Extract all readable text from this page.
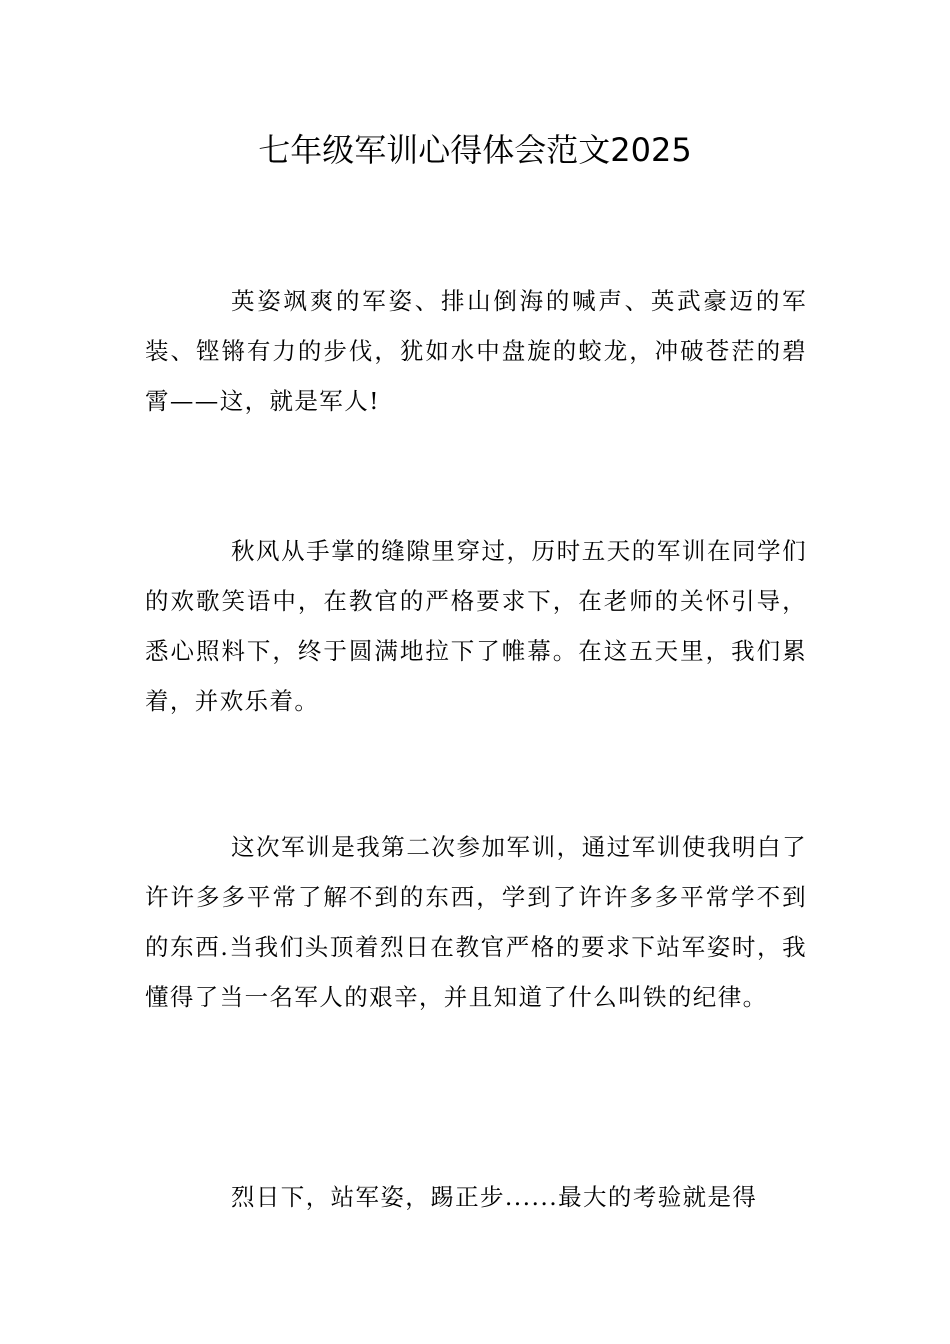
七年级军训心得体会范文2025

英姿飒爽的军姿、排山倒海的喊声、英武豪迈的军装、铿锵有力的步伐，犹如水中盘旋的蛟龙，冲破苍茫的碧霄——这，就是军人!

秋风从手掌的缝隙里穿过，历时五天的军训在同学们的欢歌笑语中，在教官的严格要求下，在老师的关怀引导，悉心照料下，终于圆满地拉下了帷幕。在这五天里，我们累着，并欢乐着。

这次军训是我第二次参加军训，通过军训使我明白了许许多多平常了解不到的东西，学到了许许多多平常学不到的东西.当我们头顶着烈日在教官严格的要求下站军姿时，我懂得了当一名军人的艰辛，并且知道了什么叫铁的纪律。

烈日下，站军姿，踢正步......最大的考验就是得
